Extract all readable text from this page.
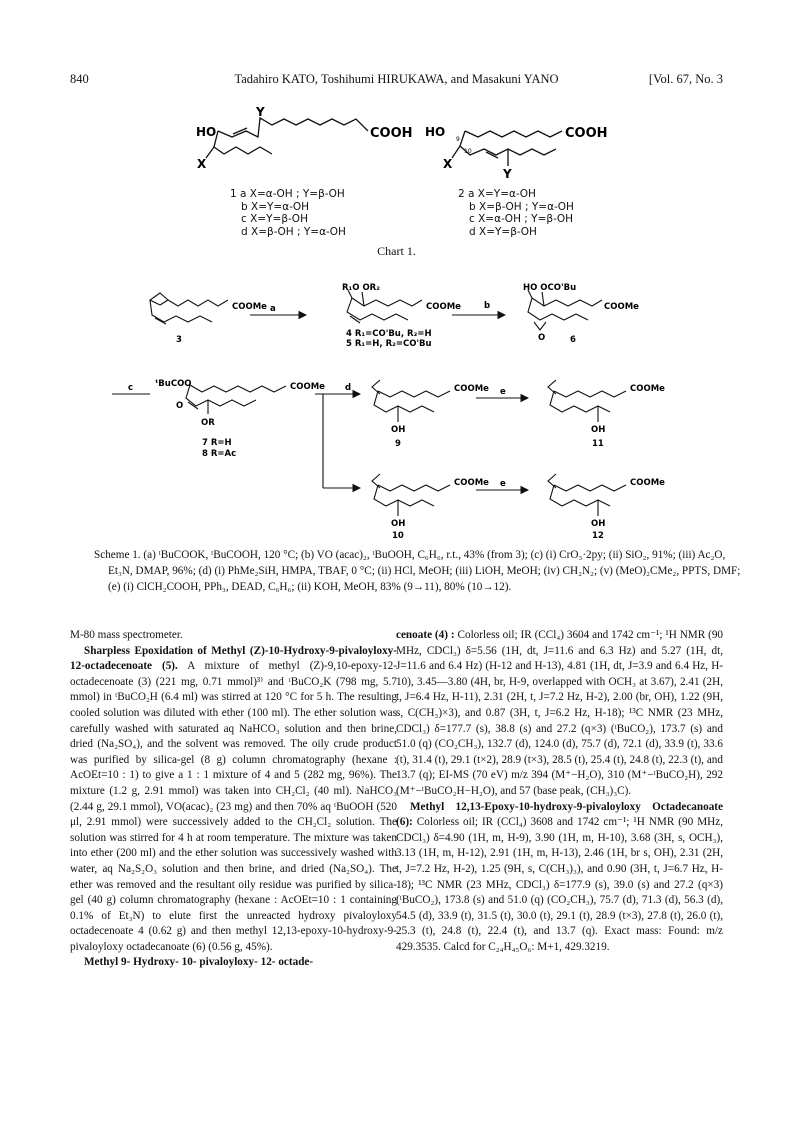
840	Tadahiro KATO, Toshihumi HIRUKAWA, and Masakuni YANO	[Vol. 67, No. 3
HO
Y
COOH
X
HO	COOH
X
Y
9
10
1 a X=α-OH ; Y=β-OH
b X=Y=α-OH
c X=Y=β-OH
d X=β-OH ; Y=α-OH
2 a X=Y=α-OH
b X=β-OH ; Y=α-OH
c X=α-OH ; Y=β-OH
d X=Y=β-OH
Chart 1.
COOMe
3
a
R₁O OR₂
COOMe
4 R₁=CO'Bu, R₂=H
5 R₁=H, R₂=CO'Bu
b
HO OCO'Bu
COOMe
O	6
c	ᵗBuCOO	COOMe
O
OR
7 R=H
8 R=Ac
d	COOMe
OH
9
e	COOMe
OH
11
COOMe
OH
10
e	COOMe
OH
12
Scheme 1. (a) ᵗBuCOOK, ᵗBuCOOH, 120 °C; (b) VO (acac)₂, ᵗBuOOH, C₆H₆, r.t., 43% (from 3); (c) (i) CrO₃·2py; (ii) SiO₂, 91%; (iii) Ac₂O, Et₃N, DMAP, 96%; (d) (i) PhMe₂SiH, HMPA, TBAF, 0 °C; (ii) HCl, MeOH; (iii) LiOH, MeOH; (iv) CH₂N₂; (v) (MeO)₂CMe₂, PPTS, DMF; (e) (i) ClCH₂COOH, PPh₃, DEAD, C₆H₆; (ii) KOH, MeOH, 83% (9→11), 80% (10→12).

M-80 mass spectrometer.

Sharpless Epoxidation of Methyl (Z)-10-Hydroxy-9-pivaloyloxy-12-octadecenoate (5). A mixture of methyl (Z)-9,10-epoxy-12-octadecenoate (3) (221 mg, 0.71 mmol)³⁾ and ᵗBuCO₂K (798 mg, 5.7 mmol) in ᵗBuCO₂H (6.4 ml) was stirred at 120 °C for 5 h. The resulting cooled solution was diluted with ether (100 ml). The ether solution was carefully washed with saturated aq NaHCO₃ solution and then brine, dried (Na₂SO₄), and the solvent was removed. The oily crude product was purified by silica-gel (8 g) column chromatography (hexane : AcOEt=10 : 1) to give a 1 : 1 mixture of 4 and 5 (282 mg, 96%). The mixture (1.2 g, 2.91 mmol) was taken into CH₂Cl₂ (40 ml). NaHCO₃ (2.44 g, 29.1 mmol), VO(acac)₂ (23 mg) and then 70% aq ᵗBuOOH (520 μl, 2.91 mmol) were successively added to the CH₂Cl₂ solution. The solution was stirred for 4 h at room temperature. The mixture was taken into ether (200 ml) and the ether solution was successively washed with water, aq Na₂S₂O₃ solution and then brine, and dried (Na₂SO₄). The ether was removed and the resultant oily residue was purified by silica-gel (40 g) column chromatography (hexane : AcOEt=10 : 1 containing 0.1% of Et₃N) to elute first the unreacted hydroxy pivaloyloxy octadecenoate 4 (0.62 g) and then methyl 12,13-epoxy-10-hydroxy-9-pivaloyloxy octadecanoate (6) (0.56 g, 45%).

Methyl 9- Hydroxy- 10- pivaloyloxy- 12- octade-

cenoate (4) : Colorless oil; IR (CCl₄) 3604 and 1742 cm⁻¹; ¹H NMR (90 MHz, CDCl₃) δ=5.56 (1H, dt, J=11.6 and 6.3 Hz) and 5.27 (1H, dt, J=11.6 and 6.4 Hz) (H-12 and H-13), 4.81 (1H, dt, J=3.9 and 6.4 Hz, H-10), 3.45—3.80 (4H, br, H-9, overlapped with OCH₃ at 3.67), 2.41 (2H, t, J=6.4 Hz, H-11), 2.31 (2H, t, J=7.2 Hz, H-2), 2.00 (br, OH), 1.22 (9H, s, C(CH₃)×3), and 0.87 (3H, t, J=6.2 Hz, H-18); ¹³C NMR (23 MHz, CDCl₃) δ=177.7 (s), 38.8 (s) and 27.2 (q×3) (ᵗBuCO₂), 173.7 (s) and 51.0 (q) (CO₂CH₃), 132.7 (d), 124.0 (d), 75.7 (d), 72.1 (d), 33.9 (t), 33.6 (t), 31.4 (t), 29.1 (t×2), 28.9 (t×3), 28.5 (t), 25.4 (t), 24.8 (t), 22.3 (t), and 13.7 (q); EI-MS (70 eV) m/z 394 (M⁺−H₂O), 310 (M⁺−ᵗBuCO₂H), 292 (M⁺−ᵗBuCO₂H−H₂O), and 57 (base peak, (CH₃)₃C).

Methyl 12,13-Epoxy-10-hydroxy-9-pivaloyloxy Octadecanoate (6): Colorless oil; IR (CCl₄) 3608 and 1742 cm⁻¹; ¹H NMR (90 MHz, CDCl₃) δ=4.90 (1H, m, H-9), 3.90 (1H, m, H-10), 3.68 (3H, s, OCH₃), 3.13 (1H, m, H-12), 2.91 (1H, m, H-13), 2.46 (1H, br s, OH), 2.31 (2H, t, J=7.2 Hz, H-2), 1.25 (9H, s, C(CH₃)₃), and 0.90 (3H, t, J=6.7 Hz, H-18); ¹³C NMR (23 MHz, CDCl₃) δ=177.9 (s), 39.0 (s) and 27.2 (q×3) (ᵗBuCO₂), 173.8 (s) and 51.0 (q) (CO₂CH₃), 75.7 (d), 71.3 (d), 56.3 (d), 54.5 (d), 33.9 (t), 31.5 (t), 30.0 (t), 29.1 (t), 28.9 (t×3), 27.8 (t), 26.0 (t), 25.3 (t), 24.8 (t), 22.4 (t), and 13.7 (q). Exact mass: Found: m/z 429.3535. Calcd for C₂₄H₄₅O₆: M+1, 429.3219.
